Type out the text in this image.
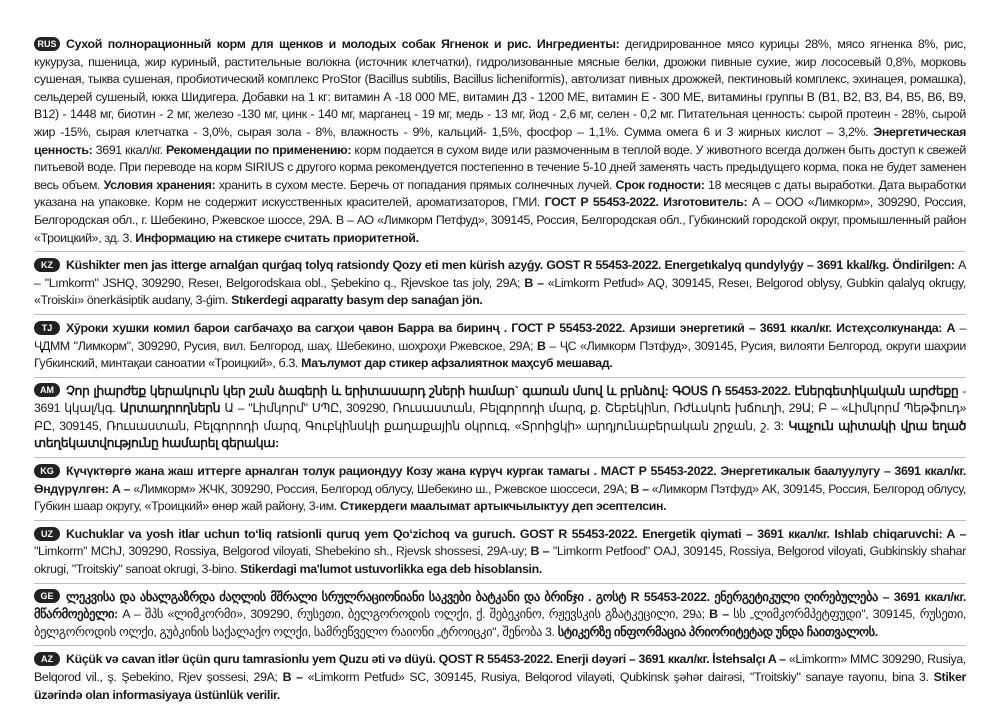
RUS Сухой полнорационный корм для щенков и молодых собак Ягненок и рис. Ингредиенты: дегидрированное мясо курицы 28%, мясо ягненка 8%, рис, кукуруза, пшеница, жир куриный, растительные волокна (источник клетчатки), гидролизованные мясные белки, дрожжи пивные сухие, жир лососевый 0,8%, морковь сушеная, тыква сушеная, пробиотический комплекс ProStor (Bacillus subtilis, Bacillus licheniformis), автолизат пивных дрожжей, пектиновый комплекс, эхинацея, ромашка), сельдерей сушеный, юкка Шидигера. Добавки на 1 кг: витамин А -18 000 МЕ, витамин Д3 - 1200 МЕ, витамин Е - 300 МЕ, витамины группы В (В1, В2, В3, В4, В5, В6, В9, В12) - 1448 мг, биотин - 2 мг, железо -130 мг, цинк - 140 мг, марганец - 19 мг, медь - 13 мг, йод - 2,6 мг, селен - 0,2 мг. Питательная ценность: сырой протеин - 28%, сырой жир -15%, сырая клетчатка - 3,0%, сырая зола - 8%, влажность - 9%, кальций- 1,5%, фосфор – 1,1%. Сумма омега 6 и 3 жирных кислот – 3,2%. Энергетическая ценность: 3691 ккал/кг. Рекомендации по применению: корм подается в сухом виде или размоченным в теплой воде. У животного всегда должен быть доступ к свежей питьевой воде. При переводе на корм SIRIUS с другого корма рекомендуется постепенно в течение 5-10 дней заменять часть предыдущего корма, пока не будет заменен весь объем. Условия хранения: хранить в сухом месте. Беречь от попадания прямых солнечных лучей. Срок годности: 18 месяцев с даты выработки. Дата выработки указана на упаковке. Корм не содержит искусственных красителей, ароматизаторов, ГМИ. ГОСТ Р 55453-2022. Изготовитель: А – ООО «Лимкорм», 309290, Россия, Белгородская обл., г. Шебекино, Ржевское шоссе, 29А. В – АО «Лимкорм Петфуд», 309145, Россия, Белгородская обл., Губкинский городской округ, промышленный район «Троицкий», зд. 3. Информацию на стикере считать приоритетной.
KZ Küshikter men jas itterge arnalǵan qurǵaq tolyq ratsiondy Qozy eti men kürish azyǵy. GOST R 55453-2022. Energetıkalyq qundylyǵy – 3691 kkal/kg. Öndirilgen: A – "Lımkorm" JSHQ, 309290, Reseı, Belgorodskaıa obl., Şebekino q., Rjevskoe tas joly, 29A; B – «Limkorm Petfud» AQ, 309145, Reseı, Belgorod oblysy, Gubkin qalalyq okrugy, «Troiskiı» önerkäsiptik audany, 3-ǵim. Stıkerdegi aqparatty basym dep sanaǵan jön.
TJ Хӯроки хушки комил барои сагбачаҳо ва сагҳои ҷавон Барра ва биринҷ . ГОСТ Р 55453-2022. Арзиши энергетикӣ – 3691 ккал/кг. Истеҳсолкунанда: А – ҶДММ "Лимкорм", 309290, Русия, вил. Белгород, шаҳ. Шебекино, шоҳроҳи Ржевское, 29А; В – ҶС «Лимкорм Пэтфуд», 309145, Русия, вилояти Белгород, округи шаҳрии Губкинский, минтақаи саноатии «Троицкий», б.3. Маълумот дар стикер афзалиятнок маҳсуб мешавад.
AM Չոր լիարժեք կերակուրն կեր շան ձագերի և երիտասարդ շների համար` գառան մսով և բրնձով: ԳՕՍՏ Ռ 55453-2022. Էներգետիկական արժեքը - 3691 կկալ/կգ. Արտադրողներն Ա – "Լիմկորմ" ՍՊԸ, 309290, Ռուսաստան, Բելգորոդի մարզ, ք. Շեբեկինո, Ռժևսկոե խճուղի, 29Ա; Բ – «Լիմկորմ Պեթֆուդ» ԲԸ, 309145, Ռուսաստան, Բելգորոդի մարզ, Գուբկինսկի քաղաքային օկրուգ, «Տրոիցկի» արդյունաբերական շրջան, շ. 3: Կպչուն պիտակի վրա եղած տեղեկատվությունը համարել գերակա:
KG Күчүктөргө жана жаш иттерге арналган толук рациондуу Козу жана күрүч кургак тамагы . МАСТ Р 55453-2022. Энергетикалык баалуулугу – 3691 ккал/кг. Өндүрүлгөн: А – «Лимкорм» ЖЧК, 309290, Россия, Белгород облусу, Шебекино ш., Ржевское шоссеси, 29А; В – «Лимкорм Пэтфуд» АК, 309145, Россия, Белгород облусу, Губкин шаар округу, «Троицкий» өнөр жай району, 3-им. Стикердеги маалымат артыкчылыктуу деп эсептелсин.
UZ Kuchuklar va yosh itlar uchun toʻliq ratsionli quruq yem Qoʻzichoq va guruch. GOST R 55453-2022. Energetik qiymati – 3691 ккал/кг. Ishlab chiqaruvchi: A – "Limkorm" MChJ, 309290, Rossiya, Belgorod viloyati, Shebekino sh., Rjevsk shossesi, 29A-uy; B – "Limkorm Petfood" OAJ, 309145, Rossiya, Belgorod viloyati, Gubkinskiy shahar okrugi, "Troitskiy" sanoat okrugi, 3-bino. Stikerdagi ma'lumot ustuvorlikka ega deb hisoblansin.
GE ლეკვისა და ახალგაზრდა ძაღლის მშრალი სრულრაციონიანი საკვები ბატკანი და ბრინჯი . გოსტ R 55453-2022. ენერგეტიკული ღირებულება – 3691 ккал/кг. მწარმოებელი: A – შპს «ლიმკორმი», 309290, რუსეთი, ბელგოროდის ოლქი, ქ. შებეკინო, რჟევსკის გზატკეცილი, 29ა; B – სს „ლიმკორმპეტფუდი", 309145, რუსეთი, ბელგოროდის ოლქი, გუბკინის საქალაქო ოლქი, სამრეწველო რაიონი „ტროიცკი", შენობა 3. სტიკერზე ინფორმაცია პრიორიტეტად უნდა ჩაითვალოს.
AZ Küçük və cavan itlər üçün quru tamrasionlu yem Quzu əti və düyü. QOST R 55453-2022. Enerji dəyəri – 3691 ккал/кг. İstehsalçı A – «Limkorm» MMC 309290, Rusiya, Belqorod vil., ş. Şebekino, Rjev şossesi, 29A; B – «Limkorm Petfud» SC, 309145, Rusiya, Belqorod vilayəti, Qubkinsk şəhər dairəsi, "Troitskiy" sanaye rayonu, bina 3. Stiker üzərində olan informasiyaya üstünlük verilir.
